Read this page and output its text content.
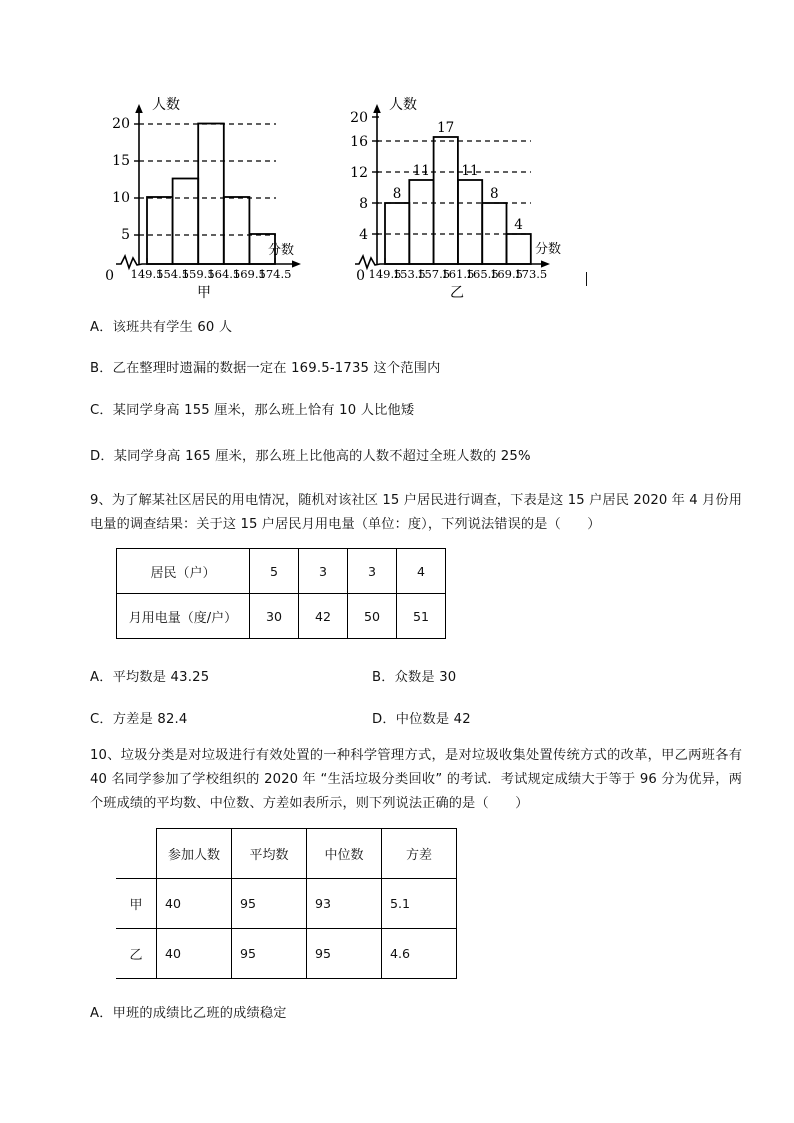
5
10
15
20
0 149.5
154.5
159.5
164.5
169.5
174.5
人数
分数
甲
8
11
17
11
8
4
4
8
12
16
20
0 149.5
153.5
157.5
161.5
165.5
169.5
173.5
人数
分数
乙
A．该班共有学生 60 人
B．乙在整理时遗漏的数据一定在 169.5-1735 这个范围内
C．某同学身高 155 厘米，那么班上恰有 10 人比他矮
D．某同学身高 165 厘米，那么班上比他高的人数不超过全班人数的 25%
9、为了解某社区居民的用电情况，随机对该社区 15 户居民进行调查，下表是这 15 户居民 2020 年 4 月份用电量的调查结果：关于这 15 户居民月用电量（单位：度），下列说法错误的是（　　）
居民（户）	5	3	3	4
月用电量（度/户）	30	42	50	51
A．平均数是 43.25	B．众数是 30
C．方差是 82.4	D．中位数是 42
10、垃圾分类是对垃圾进行有效处置的一种科学管理方式，是对垃圾收集处置传统方式的改革，甲乙两班各有 40 名同学参加了学校组织的 2020 年 “生活垃圾分类回收” 的考试．考试规定成绩大于等于 96 分为优异，两个班成绩的平均数、中位数、方差如表所示，则下列说法正确的是（　　）
	参加人数	平均数	中位数	方差
甲	40	95	93	5.1
乙	40	95	95	4.6
A．甲班的成绩比乙班的成绩稳定
